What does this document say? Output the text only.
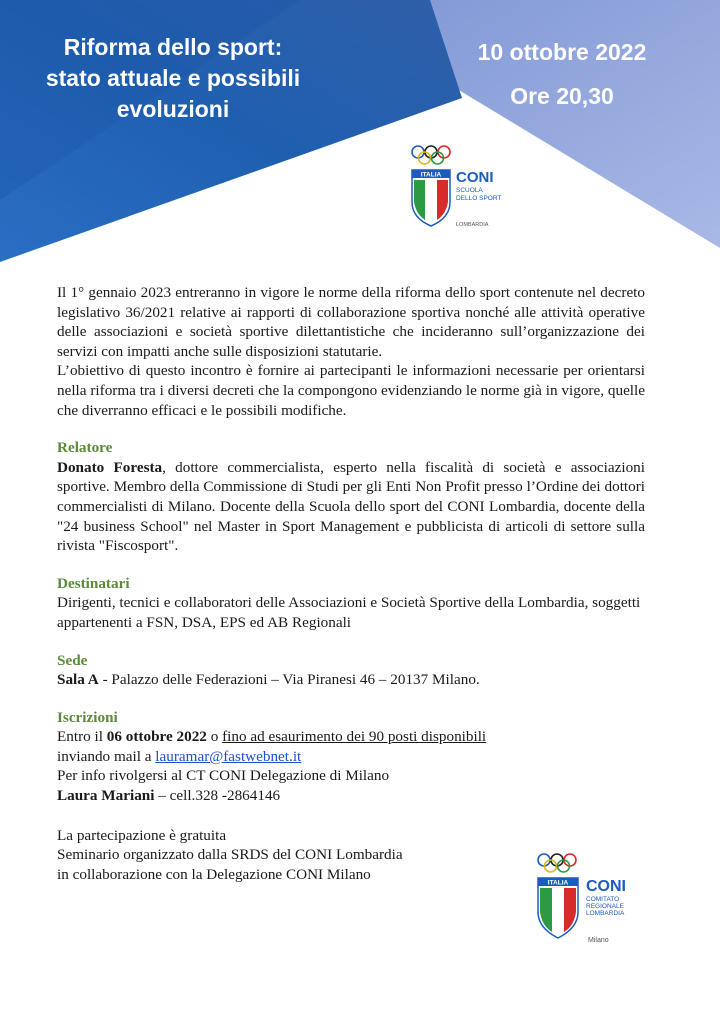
Riforma dello sport:
stato attuale e possibili
evoluzioni
10 ottobre 2022
Ore 20,30
ITALIA CONI
SCUOLA
DELLO SPORT
LOMBARDIA

Il 1° gennaio 2023 entreranno in vigore le norme della riforma dello sport contenute nel decreto legislativo 36/2021 relative ai rapporti di collaborazione sportiva nonché alle attività operative delle associazioni e società sportive dilettantistiche che incideranno sull’organizzazione dei servizi con impatti anche sulle disposizioni statutarie.

L’obiettivo di questo incontro è fornire ai partecipanti le informazioni necessarie per orientarsi nella riforma tra i diversi decreti che la compongono evidenziando le norme già in vigore, quelle che diverranno efficaci e le possibili modifiche.

Relatore

Donato Foresta, dottore commercialista, esperto nella fiscalità di società e associazioni sportive. Membro della Commissione di Studi per gli Enti Non Profit presso l’Ordine dei dottori commercialisti di Milano. Docente della Scuola dello sport del CONI Lombardia, docente della "24 business School" nel Master in Sport Management e pubblicista di articoli di settore sulla rivista "Fiscosport".

Destinatari

Dirigenti, tecnici e collaboratori delle Associazioni e Società Sportive della Lombardia, soggetti appartenenti a FSN, DSA, EPS ed AB Regionali

Sede

Sala A - Palazzo delle Federazioni – Via Piranesi 46 – 20137 Milano.

Iscrizioni

Entro il 06 ottobre 2022 o fino ad esaurimento dei 90 posti disponibili

inviando mail a lauramar@fastwebnet.it

Per info rivolgersi al CT CONI Delegazione di Milano

Laura Mariani – cell.328 -2864146

La partecipazione è gratuita

Seminario organizzato dalla SRDS del CONI Lombardia

in collaborazione con la Delegazione CONI Milano

ITALIA CONI
COMITATO
REGIONALE
LOMBARDIA
Milano
